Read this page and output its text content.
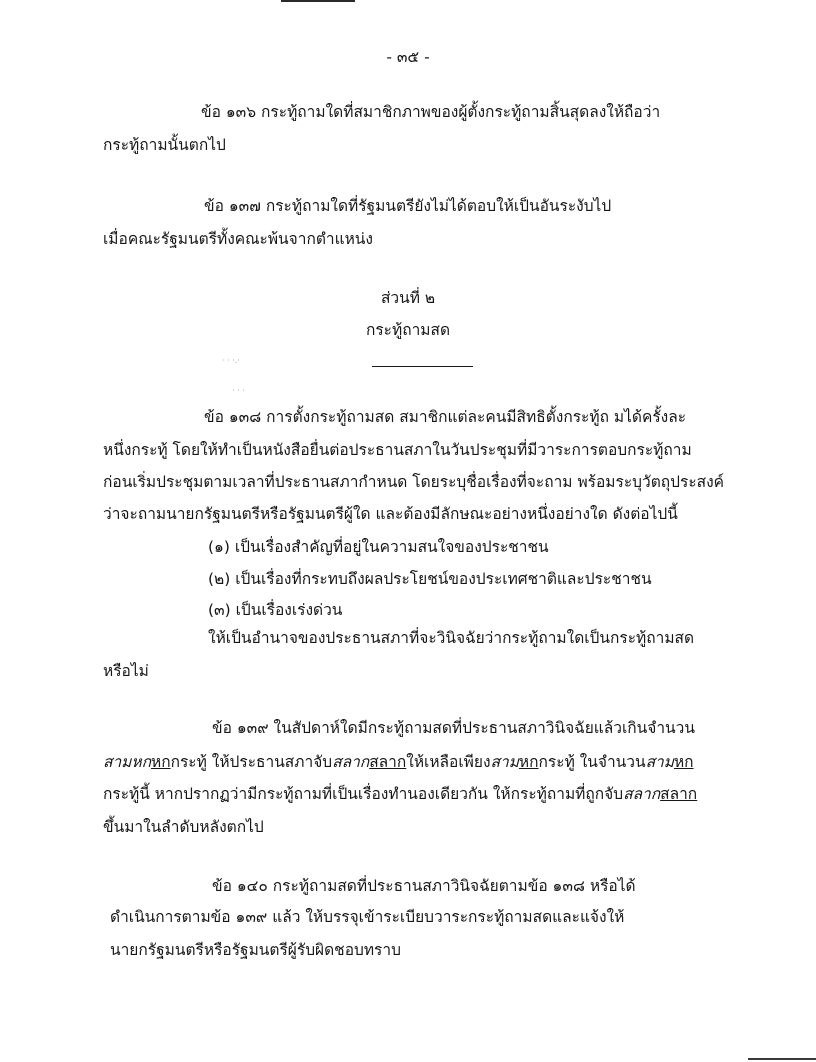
- ๓๕ -
ข้อ ๑๓๖ กระทู้ถามใดที่สมาชิกภาพของผู้ตั้งกระทู้ถามสิ้นสุดลงให้ถือว่า
กระทู้ถามนั้นตกไป
ข้อ ๑๓๗ กระทู้ถามใดที่รัฐมนตรียังไม่ได้ตอบให้เป็นอันระงับไป
เมื่อคณะรัฐมนตรีทั้งคณะพ้นจากตำแหน่ง
ส่วนที่ ๒
กระทู้ถามสด
· · ·.·
· · ·
ข้อ ๑๓๘ การตั้งกระทู้ถามสด สมาชิกแต่ละคนมีสิทธิตั้งกระทู้ถ มได้ครั้งละ
หนึ่งกระทู้ โดยให้ทำเป็นหนังสือยื่นต่อประธานสภาในวันประชุมที่มีวาระการตอบกระทู้ถาม
ก่อนเริ่มประชุมตามเวลาที่ประธานสภากำหนด โดยระบุชื่อเรื่องที่จะถาม พร้อมระบุวัตถุประสงค์
ว่าจะถามนายกรัฐมนตรีหรือรัฐมนตรีผู้ใด และต้องมีลักษณะอย่างหนึ่งอย่างใด ดังต่อไปนี้
(๑) เป็นเรื่องสำคัญที่อยู่ในความสนใจของประชาชน
(๒) เป็นเรื่องที่กระทบถึงผลประโยชน์ของประเทศชาติและประชาชน
(๓) เป็นเรื่องเร่งด่วน
ให้เป็นอำนาจของประธานสภาที่จะวินิจฉัยว่ากระทู้ถามใดเป็นกระทู้ถามสด
หรือไม่
ข้อ ๑๓๙ ในสัปดาห์ใดมีกระทู้ถามสดที่ประธานสภาวินิจฉัยแล้วเกินจำนวน
สามหกหกกระทู้ ให้ประธานสภาจับสลากสลากให้เหลือเพียงสามหกกระทู้ ในจำนวนสามหก
กระทู้นี้ หากปรากฏว่ามีกระทู้ถามที่เป็นเรื่องทำนองเดียวกัน ให้กระทู้ถามที่ถูกจับสลากสลาก
ขึ้นมาในลำดับหลังตกไป
ข้อ ๑๔๐ กระทู้ถามสดที่ประธานสภาวินิจฉัยตามข้อ ๑๓๘ หรือได้
ดำเนินการตามข้อ ๑๓๙ แล้ว ให้บรรจุเข้าระเบียบวาระกระทู้ถามสดและแจ้งให้
นายกรัฐมนตรีหรือรัฐมนตรีผู้รับผิดชอบทราบ
